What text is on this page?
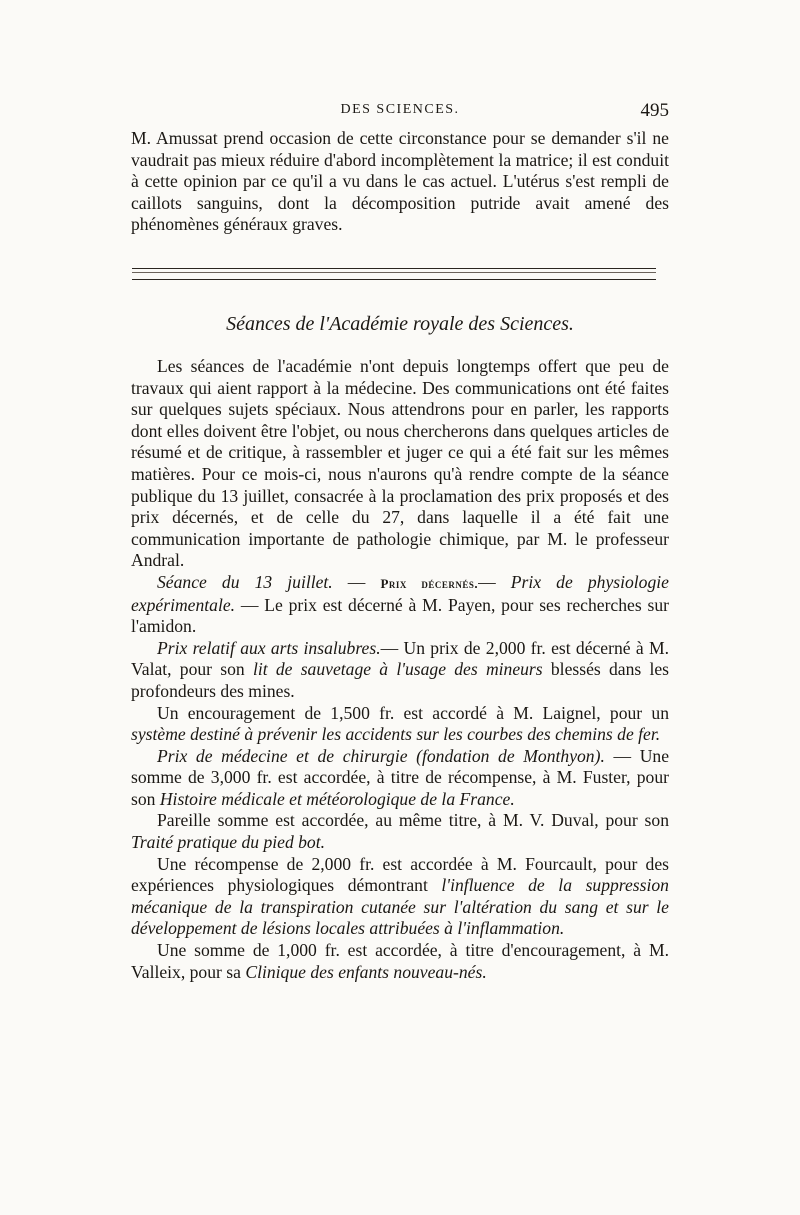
DES SCIENCES.	495

M. Amussat prend occasion de cette circonstance pour se demander s'il ne vaudrait pas mieux réduire d'abord incomplètement la matrice; il est conduit à cette opinion par ce qu'il a vu dans le cas actuel. L'utérus s'est rempli de caillots sanguins, dont la décomposition putride avait amené des phénomènes généraux graves.

Séances de l'Académie royale des Sciences.

Les séances de l'académie n'ont depuis longtemps offert que peu de travaux qui aient rapport à la médecine. Des communications ont été faites sur quelques sujets spéciaux. Nous attendrons pour en parler, les rapports dont elles doivent être l'objet, ou nous chercherons dans quelques articles de résumé et de critique, à rassembler et juger ce qui a été fait sur les mêmes matières. Pour ce mois-ci, nous n'aurons qu'à rendre compte de la séance publique du 13 juillet, consacrée à la proclamation des prix proposés et des prix décernés, et de celle du 27, dans laquelle il a été fait une communication importante de pathologie chimique, par M. le professeur Andral.

Séance du 13 juillet. — Prix décernés.— Prix de physiologie expérimentale. — Le prix est décerné à M. Payen, pour ses recherches sur l'amidon.

Prix relatif aux arts insalubres.— Un prix de 2,000 fr. est décerné à M. Valat, pour son lit de sauvetage à l'usage des mineurs blessés dans les profondeurs des mines.

Un encouragement de 1,500 fr. est accordé à M. Laignel, pour un système destiné à prévenir les accidents sur les courbes des chemins de fer.

Prix de médecine et de chirurgie (fondation de Monthyon). — Une somme de 3,000 fr. est accordée, à titre de récompense, à M. Fuster, pour son Histoire médicale et météorologique de la France.

Pareille somme est accordée, au même titre, à M. V. Duval, pour son Traité pratique du pied bot.

Une récompense de 2,000 fr. est accordée à M. Fourcault, pour des expériences physiologiques démontrant l'influence de la suppression mécanique de la transpiration cutanée sur l'altération du sang et sur le développement de lésions locales attribuées à l'inflammation.

Une somme de 1,000 fr. est accordée, à titre d'encouragement, à M. Valleix, pour sa Clinique des enfants nouveau-nés.
